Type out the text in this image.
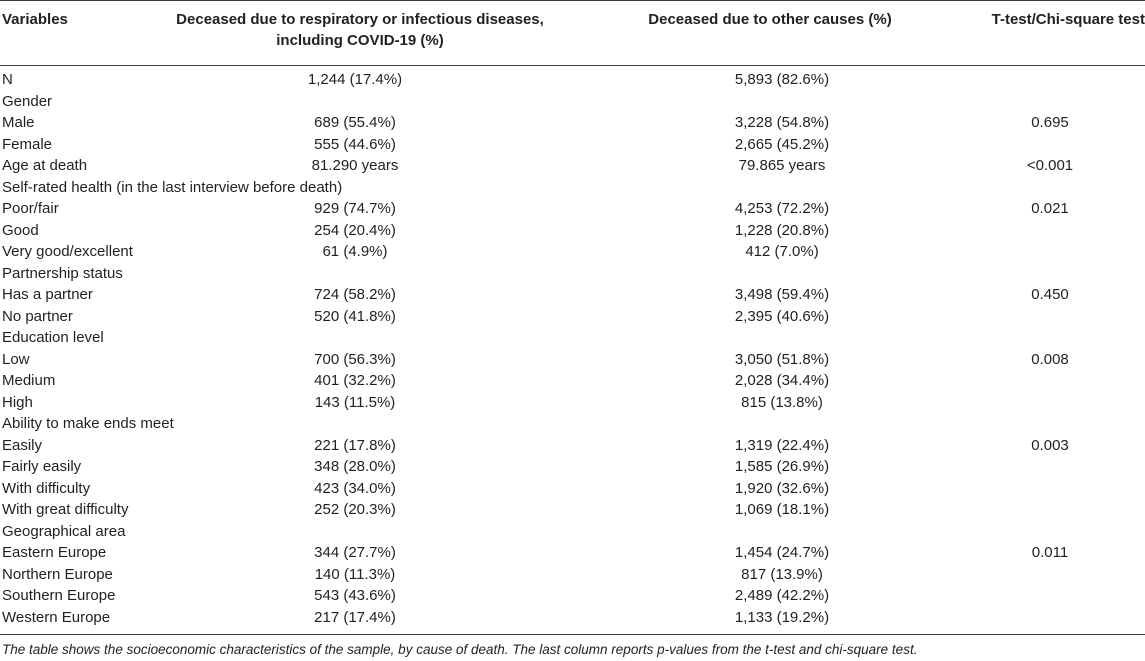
Variables	Deceased due to respiratory or infectious diseases,
including COVID-19 (%)
Deceased due to other causes (%)	T-test/Chi-square test
N	1,244 (17.4%)	5,893 (82.6%)
Gender
Male	689 (55.4%)	3,228 (54.8%)	0.695
Female	555 (44.6%)	2,665 (45.2%)
Age at death	81.290 years	79.865 years	<0.001
Self-rated health (in the last interview before death)
Poor/fair	929 (74.7%)	4,253 (72.2%)	0.021
Good	254 (20.4%)	1,228 (20.8%)
Very good/excellent	61 (4.9%)	412 (7.0%)
Partnership status
Has a partner	724 (58.2%)	3,498 (59.4%)	0.450
No partner	520 (41.8%)	2,395 (40.6%)
Education level
Low	700 (56.3%)	3,050 (51.8%)	0.008
Medium	401 (32.2%)	2,028 (34.4%)
High	143 (11.5%)	815 (13.8%)
Ability to make ends meet
Easily	221 (17.8%)	1,319 (22.4%)	0.003
Fairly easily	348 (28.0%)	1,585 (26.9%)
With difficulty	423 (34.0%)	1,920 (32.6%)
With great difficulty	252 (20.3%)	1,069 (18.1%)
Geographical area
Eastern Europe	344 (27.7%)	1,454 (24.7%)	0.011
Northern Europe	140 (11.3%)	817 (13.9%)
Southern Europe	543 (43.6%)	2,489 (42.2%)
Western Europe	217 (17.4%)	1,133 (19.2%)
The table shows the socioeconomic characteristics of the sample, by cause of death. The last column reports p-values from the t-test and chi-square test.
